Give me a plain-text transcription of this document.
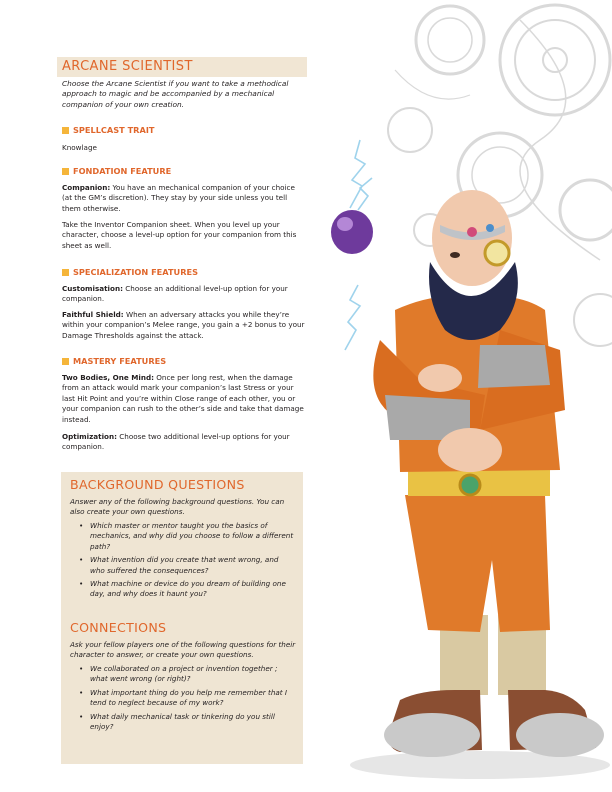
ARCANE SCIENTIST
Choose the Arcane Scientist if you want to take a methodical approach to magic and be accompanied by a mechanical companion of your own creation.
SPELLCAST TRAIT
Knowlage
FONDATION FEATURE
Companion: You have an mechanical companion of your choice (at the GM’s discretion). They stay by your side unless you tell them otherwise.
Take the Inventor Companion sheet. When you level up your character, choose a level-up option for your companion from this sheet as well.
SPECIALIZATION FEATURES
Customisation: Choose an additional level-up option for your companion.
Faithful Shield: When an adversary attacks you while they’re within your companion’s Melee range, you gain a +2 bonus to your Damage Thresholds against the attack.
MASTERY FEATURES
Two Bodies, One Mind: Once per long rest, when the damage from an attack would mark your companion’s last Stress or your last Hit Point and you’re within Close range of each other, you or your companion can rush to the other’s side and take that damage instead.
Optimization: Choose two additional level-up options for your companion.
BACKGROUND QUESTIONS
Answer any of the following background questions. You can also create your own questions.
• Which master or mentor taught you the basics of mechanics, and why did you choose to follow a different path?
• What invention did you create that went wrong, and who suffered the consequences?
• What machine or device do you dream of building one day, and why does it haunt you?
CONNECTIONS
Ask your fellow players one of the following questions for their character to answer, or create your own questions.
• We collaborated on a project or invention together ; what went wrong (or right)?
• What important thing do you help me remember that I tend to neglect because of my work?
• What daily mechanical task or tinkering do you still enjoy?
